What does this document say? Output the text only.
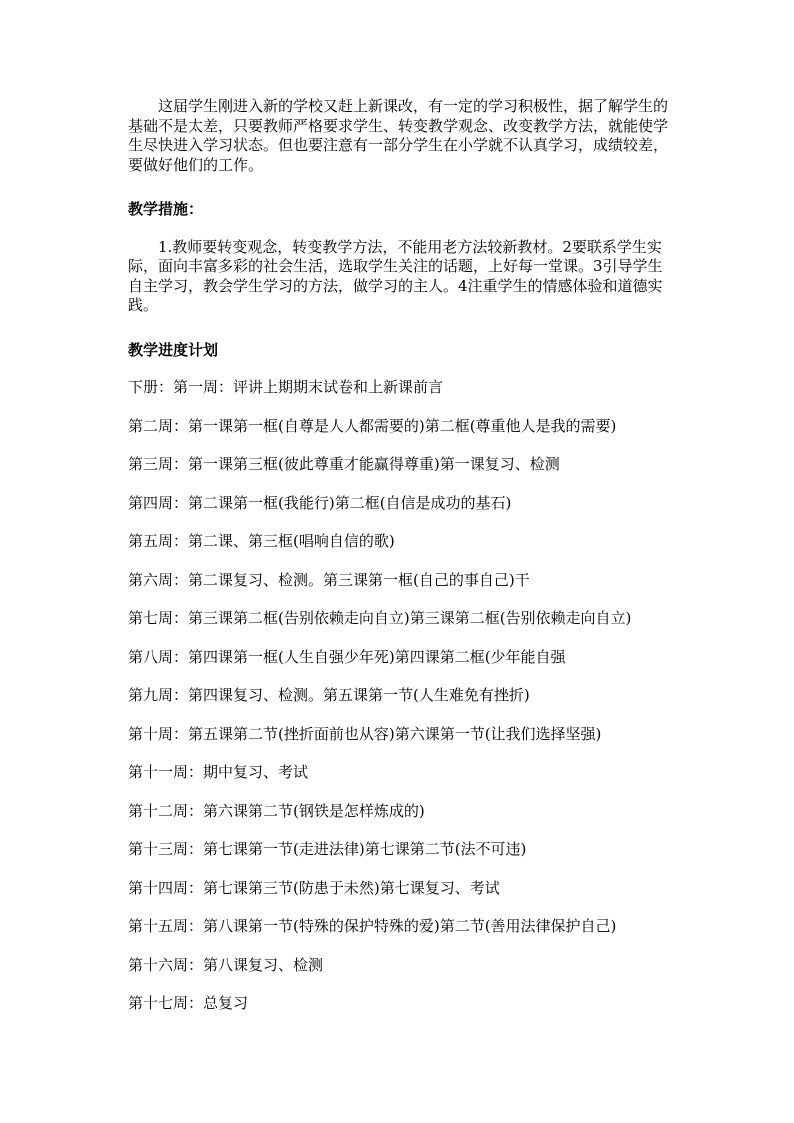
这届学生刚进入新的学校又赶上新课改，有一定的学习积极性，据了解学生的基础不是太差，只要教师严格要求学生、转变教学观念、改变教学方法，就能使学生尽快进入学习状态。但也要注意有一部分学生在小学就不认真学习，成绩较差，要做好他们的工作。

教学措施：

1.教师要转变观念，转变教学方法，不能用老方法较新教材。2要联系学生实际，面向丰富多彩的社会生活，选取学生关注的话题，上好每一堂课。3引导学生自主学习，教会学生学习的方法，做学习的主人。4注重学生的情感体验和道德实践。

教学进度计划

下册：第一周：评讲上期期末试卷和上新课前言
第二周：第一课第一框(自尊是人人都需要的)第二框(尊重他人是我的需要)
第三周：第一课第三框(彼此尊重才能赢得尊重)第一课复习、检测
第四周：第二课第一框(我能行)第二框(自信是成功的基石)
第五周：第二课、第三框(唱响自信的歌)
第六周：第二课复习、检测。第三课第一框(自己的事自己)干
第七周：第三课第二框(告别依赖走向自立)第三课第二框(告别依赖走向自立)
第八周：第四课第一框(人生自强少年死)第四课第二框(少年能自强
第九周：第四课复习、检测。第五课第一节(人生难免有挫折)
第十周：第五课第二节(挫折面前也从容)第六课第一节(让我们选择坚强)
第十一周：期中复习、考试
第十二周：第六课第二节(钢铁是怎样炼成的)
第十三周：第七课第一节(走进法律)第七课第二节(法不可违)
第十四周：第七课第三节(防患于未然)第七课复习、考试
第十五周：第八课第一节(特殊的保护特殊的爱)第二节(善用法律保护自己)
第十六周：第八课复习、检测
第十七周：总复习
